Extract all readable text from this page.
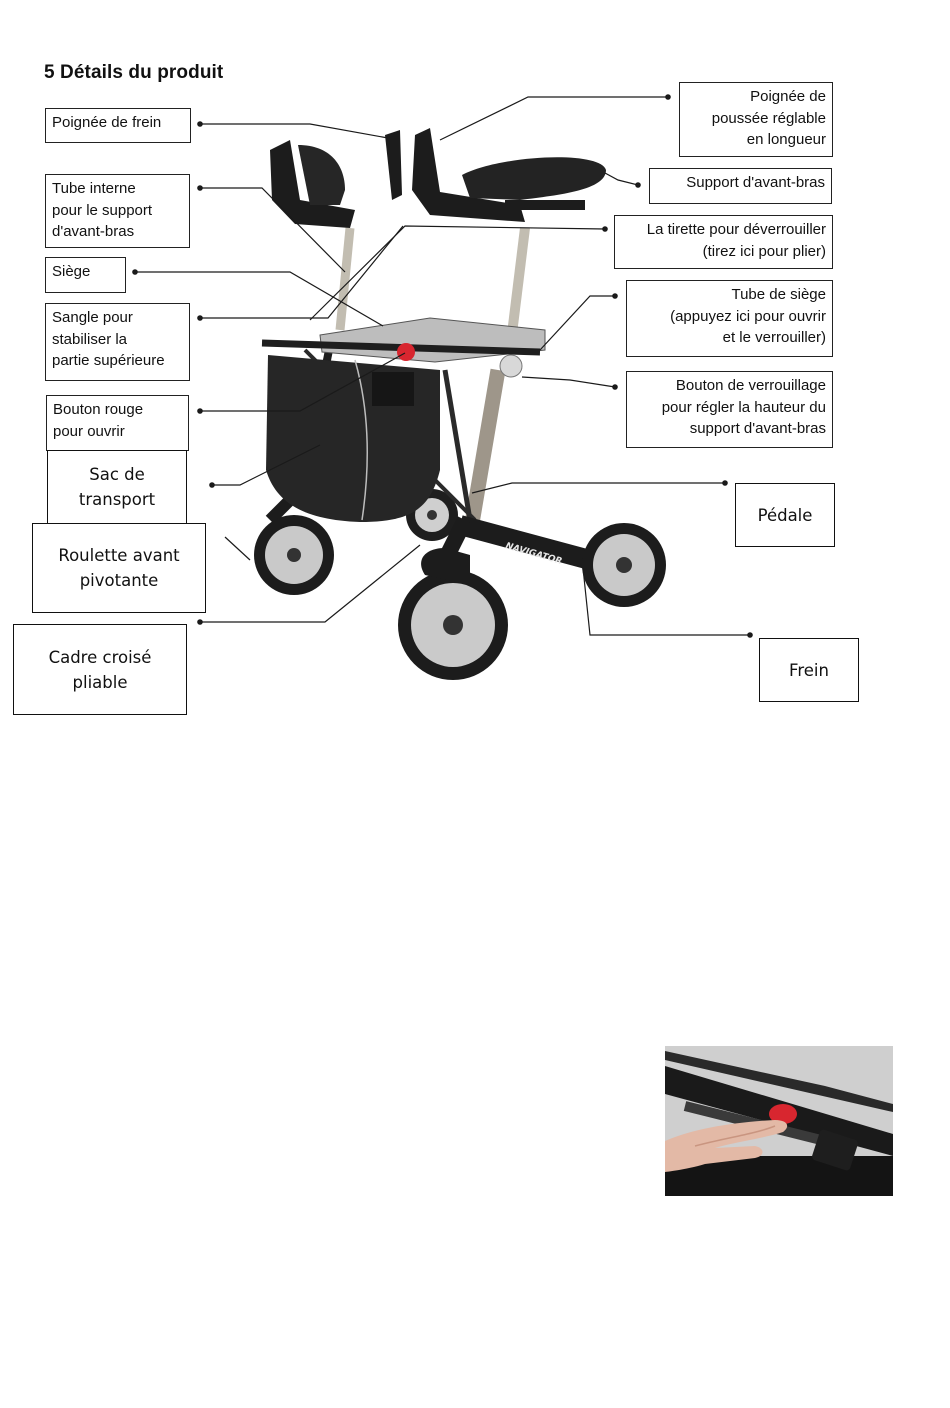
5 Détails du produit
NAVIGATOR
Poignée de frein
Poignée de
poussée réglable
en longueur
Tube interne
pour le support
d'avant-bras
Support d'avant-bras
La tirette pour déverrouiller
(tirez ici pour plier)
Siège
Tube de siège
(appuyez ici pour ouvrir
et le verrouiller)
Sangle pour
stabiliser la
partie supérieure
Bouton de verrouillage
pour régler la hauteur du
support d'avant-bras
Bouton rouge
pour ouvrir
Sac de
transport
Pédale
Roulette avant
pivotante
Cadre croisé
pliable
Frein
